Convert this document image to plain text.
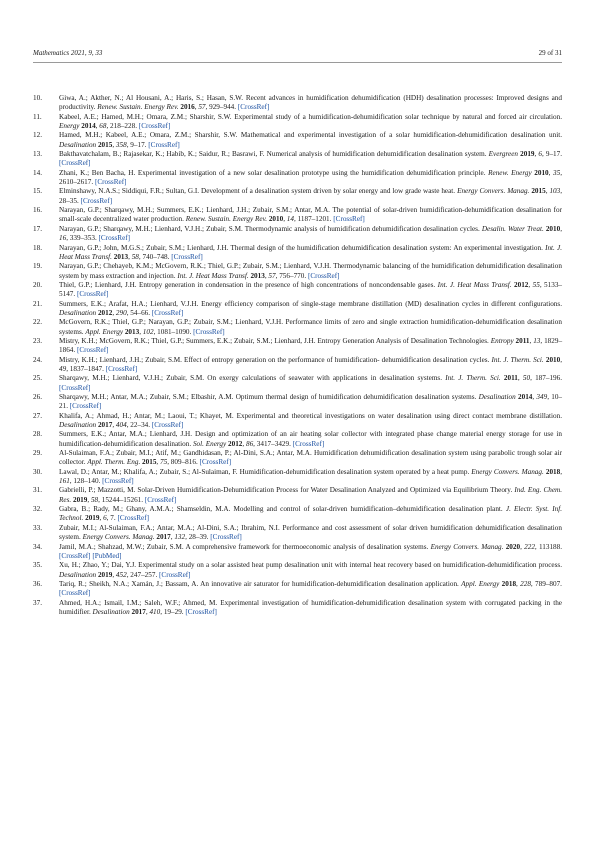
Mathematics 2021, 9, 33	29 of 31
10. Giwa, A.; Akther, N.; Al Housani, A.; Haris, S.; Hasan, S.W. Recent advances in humidification dehumidification (HDH) desalination processes: Improved designs and productivity. Renew. Sustain. Energy Rev. 2016, 57, 929–944. [CrossRef]
11. Kabeel, A.E.; Hamed, M.H.; Omara, Z.M.; Sharshir, S.W. Experimental study of a humidification-dehumidification solar technique by natural and forced air circulation. Energy 2014, 68, 218–228. [CrossRef]
12. Hamed, M.H.; Kabeel, A.E.; Omara, Z.M.; Sharshir, S.W. Mathematical and experimental investigation of a solar humidification-dehumidification desalination unit. Desalination 2015, 358, 9–17. [CrossRef]
13. Bakthavatchalam, B.; Rajasekar, K.; Habib, K.; Saidur, R.; Basrawi, F. Numerical analysis of humidification dehumidification desalination system. Evergreen 2019, 6, 9–17. [CrossRef]
14. Zhani, K.; Ben Bacha, H. Experimental investigation of a new solar desalination prototype using the humidification dehumidification principle. Renew. Energy 2010, 35, 2610–2617. [CrossRef]
15. Elminshawy, N.A.S.; Siddiqui, F.R.; Sultan, G.I. Development of a desalination system driven by solar energy and low grade waste heat. Energy Convers. Manag. 2015, 103, 28–35. [CrossRef]
16. Narayan, G.P.; Sharqawy, M.H.; Summers, E.K.; Lienhard, J.H.; Zubair, S.M.; Antar, M.A. The potential of solar-driven humidification-dehumidification desalination for small-scale decentralized water production. Renew. Sustain. Energy Rev. 2010, 14, 1187–1201. [CrossRef]
17. Narayan, G.P.; Sharqawy, M.H.; Lienhard, V.J.H.; Zubair, S.M. Thermodynamic analysis of humidification dehumidification desalination cycles. Desalin. Water Treat. 2010, 16, 339–353. [CrossRef]
18. Narayan, G.P.; John, M.G.S.; Zubair, S.M.; Lienhard, J.H. Thermal design of the humidification dehumidification desalination system: An experimental investigation. Int. J. Heat Mass Transf. 2013, 58, 740–748. [CrossRef]
19. Narayan, G.P.; Chehayeb, K.M.; McGovern, R.K.; Thiel, G.P.; Zubair, S.M.; Lienhard, V.J.H. Thermodynamic balancing of the humidification dehumidification desalination system by mass extraction and injection. Int. J. Heat Mass Transf. 2013, 57, 756–770. [CrossRef]
20. Thiel, G.P.; Lienhard, J.H. Entropy generation in condensation in the presence of high concentrations of noncondensable gases. Int. J. Heat Mass Transf. 2012, 55, 5133–5147. [CrossRef]
21. Summers, E.K.; Arafat, H.A.; Lienhard, V.J.H. Energy efficiency comparison of single-stage membrane distillation (MD) desalination cycles in different configurations. Desalination 2012, 290, 54–66. [CrossRef]
22. McGovern, R.K.; Thiel, G.P.; Narayan, G.P.; Zubair, S.M.; Lienhard, V.J.H. Performance limits of zero and single extraction humidification-dehumidification desalination systems. Appl. Energy 2013, 102, 1081–1090. [CrossRef]
23. Mistry, K.H.; McGovern, R.K.; Thiel, G.P.; Summers, E.K.; Zubair, S.M.; Lienhard, J.H. Entropy Generation Analysis of Desalination Technologies. Entropy 2011, 13, 1829–1864. [CrossRef]
24. Mistry, K.H.; Lienhard, J.H.; Zubair, S.M. Effect of entropy generation on the performance of humidification- dehumidification desalination cycles. Int. J. Therm. Sci. 2010, 49, 1837–1847. [CrossRef]
25. Sharqawy, M.H.; Lienhard, V.J.H.; Zubair, S.M. On exergy calculations of seawater with applications in desalination systems. Int. J. Therm. Sci. 2011, 50, 187–196. [CrossRef]
26. Sharqawy, M.H.; Antar, M.A.; Zubair, S.M.; Elbashir, A.M. Optimum thermal design of humidification dehumidification desalination systems. Desalination 2014, 349, 10–21. [CrossRef]
27. Khalifa, A.; Ahmad, H.; Antar, M.; Laoui, T.; Khayet, M. Experimental and theoretical investigations on water desalination using direct contact membrane distillation. Desalination 2017, 404, 22–34. [CrossRef]
28. Summers, E.K.; Antar, M.A.; Lienhard, J.H. Design and optimization of an air heating solar collector with integrated phase change material energy storage for use in humidification-dehumidification desalination. Sol. Energy 2012, 86, 3417–3429. [CrossRef]
29. Al-Sulaiman, F.A.; Zubair, M.I.; Atif, M.; Gandhidasan, P.; Al-Dini, S.A.; Antar, M.A. Humidification dehumidification desalination system using parabolic trough solar air collector. Appl. Therm. Eng. 2015, 75, 809–816. [CrossRef]
30. Lawal, D.; Antar, M.; Khalifa, A.; Zubair, S.; Al-Sulaiman, F. Humidification-dehumidification desalination system operated by a heat pump. Energy Convers. Manag. 2018, 161, 128–140. [CrossRef]
31. Gabrielli, P.; Mazzotti, M. Solar-Driven Humidification-Dehumidification Process for Water Desalination Analyzed and Optimized via Equilibrium Theory. Ind. Eng. Chem. Res. 2019, 58, 15244–15261. [CrossRef]
32. Gabra, B.; Rady, M.; Ghany, A.M.A.; Shamseldin, M.A. Modelling and control of solar-driven humidification–dehumidification desalination plant. J. Electr. Syst. Inf. Technol. 2019, 6, 7. [CrossRef]
33. Zubair, M.I.; Al-Sulaiman, F.A.; Antar, M.A.; Al-Dini, S.A.; Ibrahim, N.I. Performance and cost assessment of solar driven humidification dehumidification desalination system. Energy Convers. Manag. 2017, 132, 28–39. [CrossRef]
34. Jamil, M.A.; Shahzad, M.W.; Zubair, S.M. A comprehensive framework for thermoeconomic analysis of desalination systems. Energy Convers. Manag. 2020, 222, 113188. [CrossRef] [PubMed]
35. Xu, H.; Zhao, Y.; Dai, Y.J. Experimental study on a solar assisted heat pump desalination unit with internal heat recovery based on humidification-dehumidification process. Desalination 2019, 452, 247–257. [CrossRef]
36. Tariq, R.; Sheikh, N.A.; Xamán, J.; Bassam, A. An innovative air saturator for humidification-dehumidification desalination application. Appl. Energy 2018, 228, 789–807. [CrossRef]
37. Ahmed, H.A.; Ismail, I.M.; Saleh, W.F.; Ahmed, M. Experimental investigation of humidification-dehumidification desalination system with corrugated packing in the humidifier. Desalination 2017, 410, 19–29. [CrossRef]
